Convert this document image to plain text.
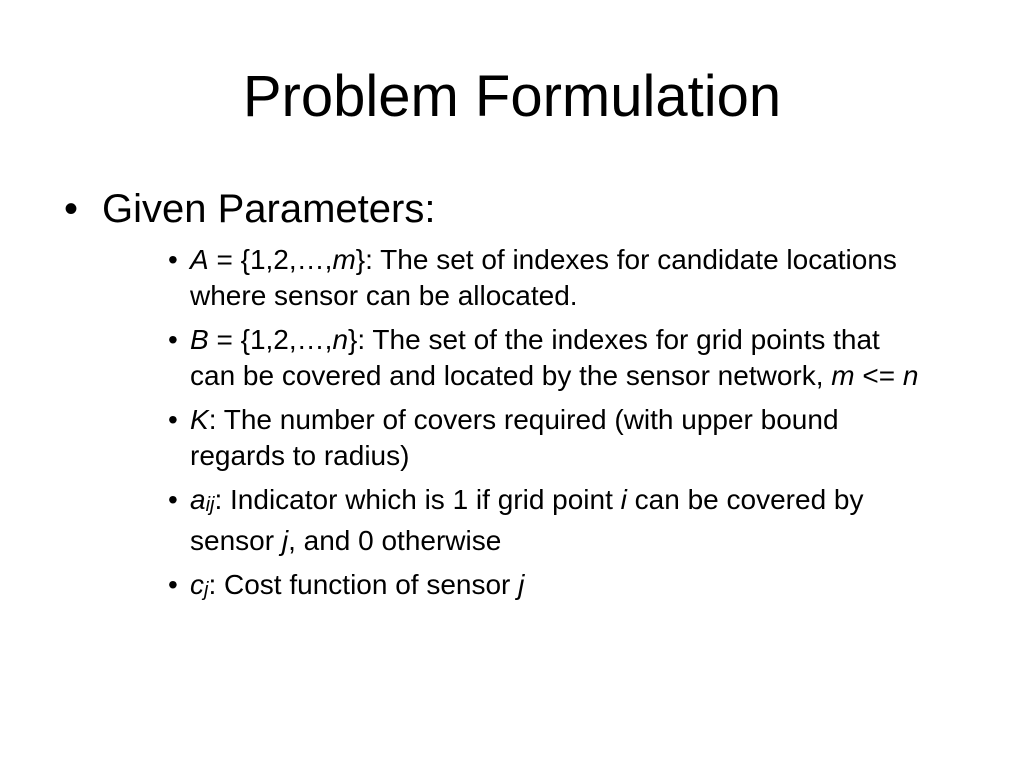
Problem Formulation
• Given Parameters:
• A = {1,2,…,m}: The set of indexes for candidate locations where sensor can be allocated.
• B = {1,2,…,n}: The set of the indexes for grid points that can be covered and located by the sensor network, m <= n
• K: The number of covers required (with upper bound regards to radius)
• aij: Indicator which is 1 if grid point i can be covered by sensor j, and 0 otherwise
• cj: Cost function of sensor j
